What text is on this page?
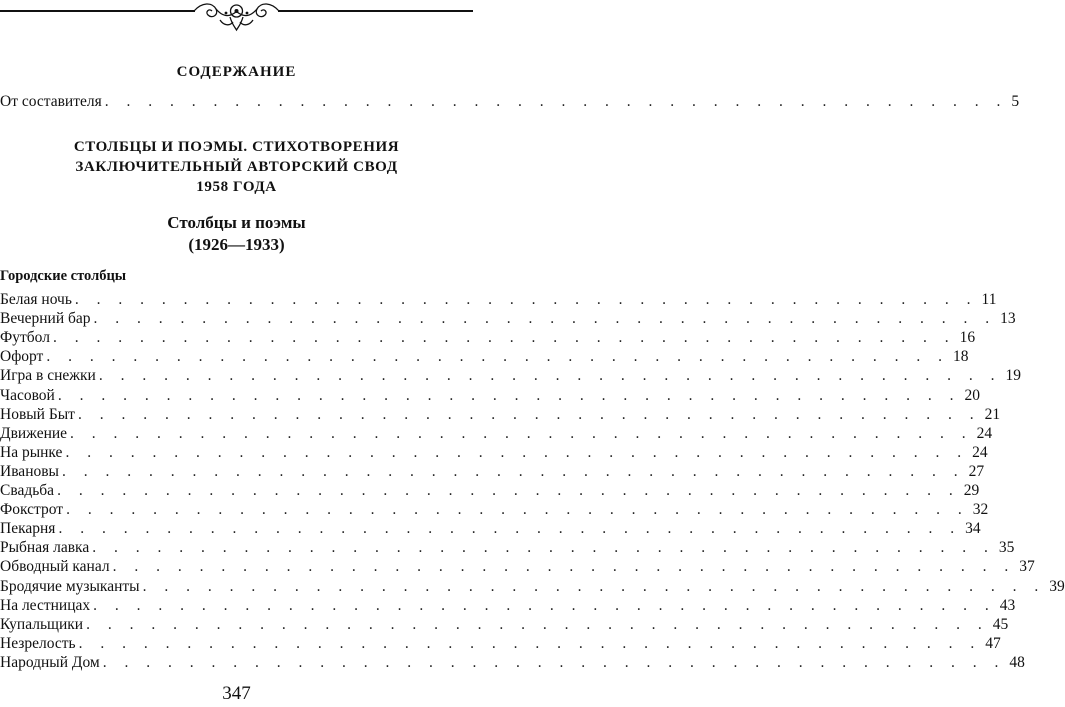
СОДЕРЖАНИЕ
От составителя . . . . . . . . . . . . . . . . . . . . . . . . . . . . . . . . . . . . . . . . . . 5
СТОЛБЦЫ И ПОЭМЫ. СТИХОТВОРЕНИЯ
ЗАКЛЮЧИТЕЛЬНЫЙ АВТОРСКИЙ СВОД
1958 ГОДА
Столбцы и поэмы
(1926—1933)
Городские столбцы
Белая ночь . . . . . . . . . . . . . . . . . . . . . . . . . . . . . . . . . . . . . . . . . . 11
Вечерний бар . . . . . . . . . . . . . . . . . . . . . . . . . . . . . . . . . . . . . . . . . . 13
Футбол . . . . . . . . . . . . . . . . . . . . . . . . . . . . . . . . . . . . . . . . . . 16
Офорт . . . . . . . . . . . . . . . . . . . . . . . . . . . . . . . . . . . . . . . . . . 18
Игра в снежки . . . . . . . . . . . . . . . . . . . . . . . . . . . . . . . . . . . . . . . . . . 19
Часовой . . . . . . . . . . . . . . . . . . . . . . . . . . . . . . . . . . . . . . . . . . 20
Новый Быт . . . . . . . . . . . . . . . . . . . . . . . . . . . . . . . . . . . . . . . . . . 21
Движение . . . . . . . . . . . . . . . . . . . . . . . . . . . . . . . . . . . . . . . . . . 24
На рынке . . . . . . . . . . . . . . . . . . . . . . . . . . . . . . . . . . . . . . . . . . 24
Ивановы . . . . . . . . . . . . . . . . . . . . . . . . . . . . . . . . . . . . . . . . . . 27
Свадьба . . . . . . . . . . . . . . . . . . . . . . . . . . . . . . . . . . . . . . . . . . 29
Фокстрот . . . . . . . . . . . . . . . . . . . . . . . . . . . . . . . . . . . . . . . . . . 32
Пекарня . . . . . . . . . . . . . . . . . . . . . . . . . . . . . . . . . . . . . . . . . . 34
Рыбная лавка . . . . . . . . . . . . . . . . . . . . . . . . . . . . . . . . . . . . . . . . . . 35
Обводный канал . . . . . . . . . . . . . . . . . . . . . . . . . . . . . . . . . . . . . . . . . . 37
Бродячие музыканты . . . . . . . . . . . . . . . . . . . . . . . . . . . . . . . . . . . . . . . . . . 39
На лестницах . . . . . . . . . . . . . . . . . . . . . . . . . . . . . . . . . . . . . . . . . . 43
Купальщики . . . . . . . . . . . . . . . . . . . . . . . . . . . . . . . . . . . . . . . . . . 45
Незрелость . . . . . . . . . . . . . . . . . . . . . . . . . . . . . . . . . . . . . . . . . . 47
Народный Дом . . . . . . . . . . . . . . . . . . . . . . . . . . . . . . . . . . . . . . . . . . 48
347
